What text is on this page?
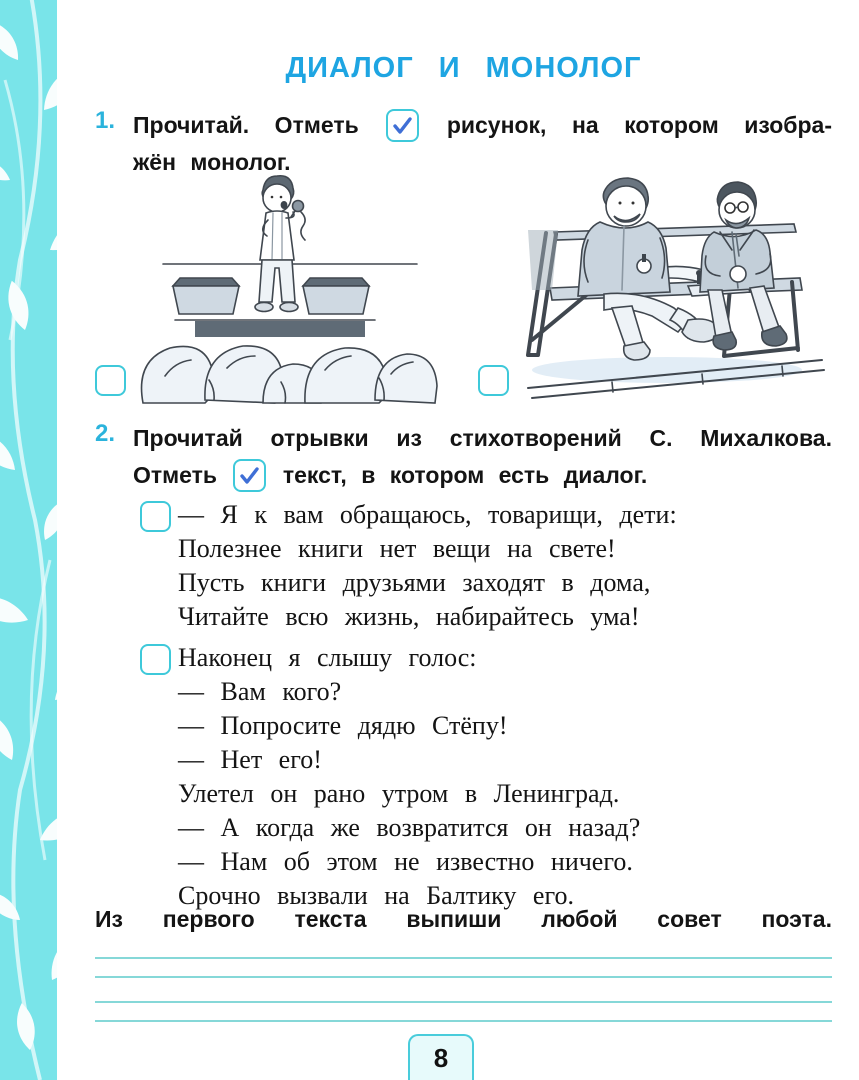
ДИАЛОГ И МОНОЛОГ
1. Прочитай. Отметь	рисунок, на котором изобра-
жён монолог.
2. Прочитай отрывки из стихотворений С. Михалкова.
Отметь	текст, в котором есть диалог.
— Я к вам обращаюсь, товарищи, дети:
Полезнее книги нет вещи на свете!
Пусть книги друзьями заходят в дома,
Читайте всю жизнь, набирайтесь ума!
Наконец я слышу голос:
— Вам кого?
— Попросите дядю Стёпу!
— Нет его!
Улетел он рано утром в Ленинград.
— А когда же возвратится он назад?
— Нам об этом не известно ничего.
Срочно вызвали на Балтику его.
Из первого текста выпиши любой совет поэта.
8
